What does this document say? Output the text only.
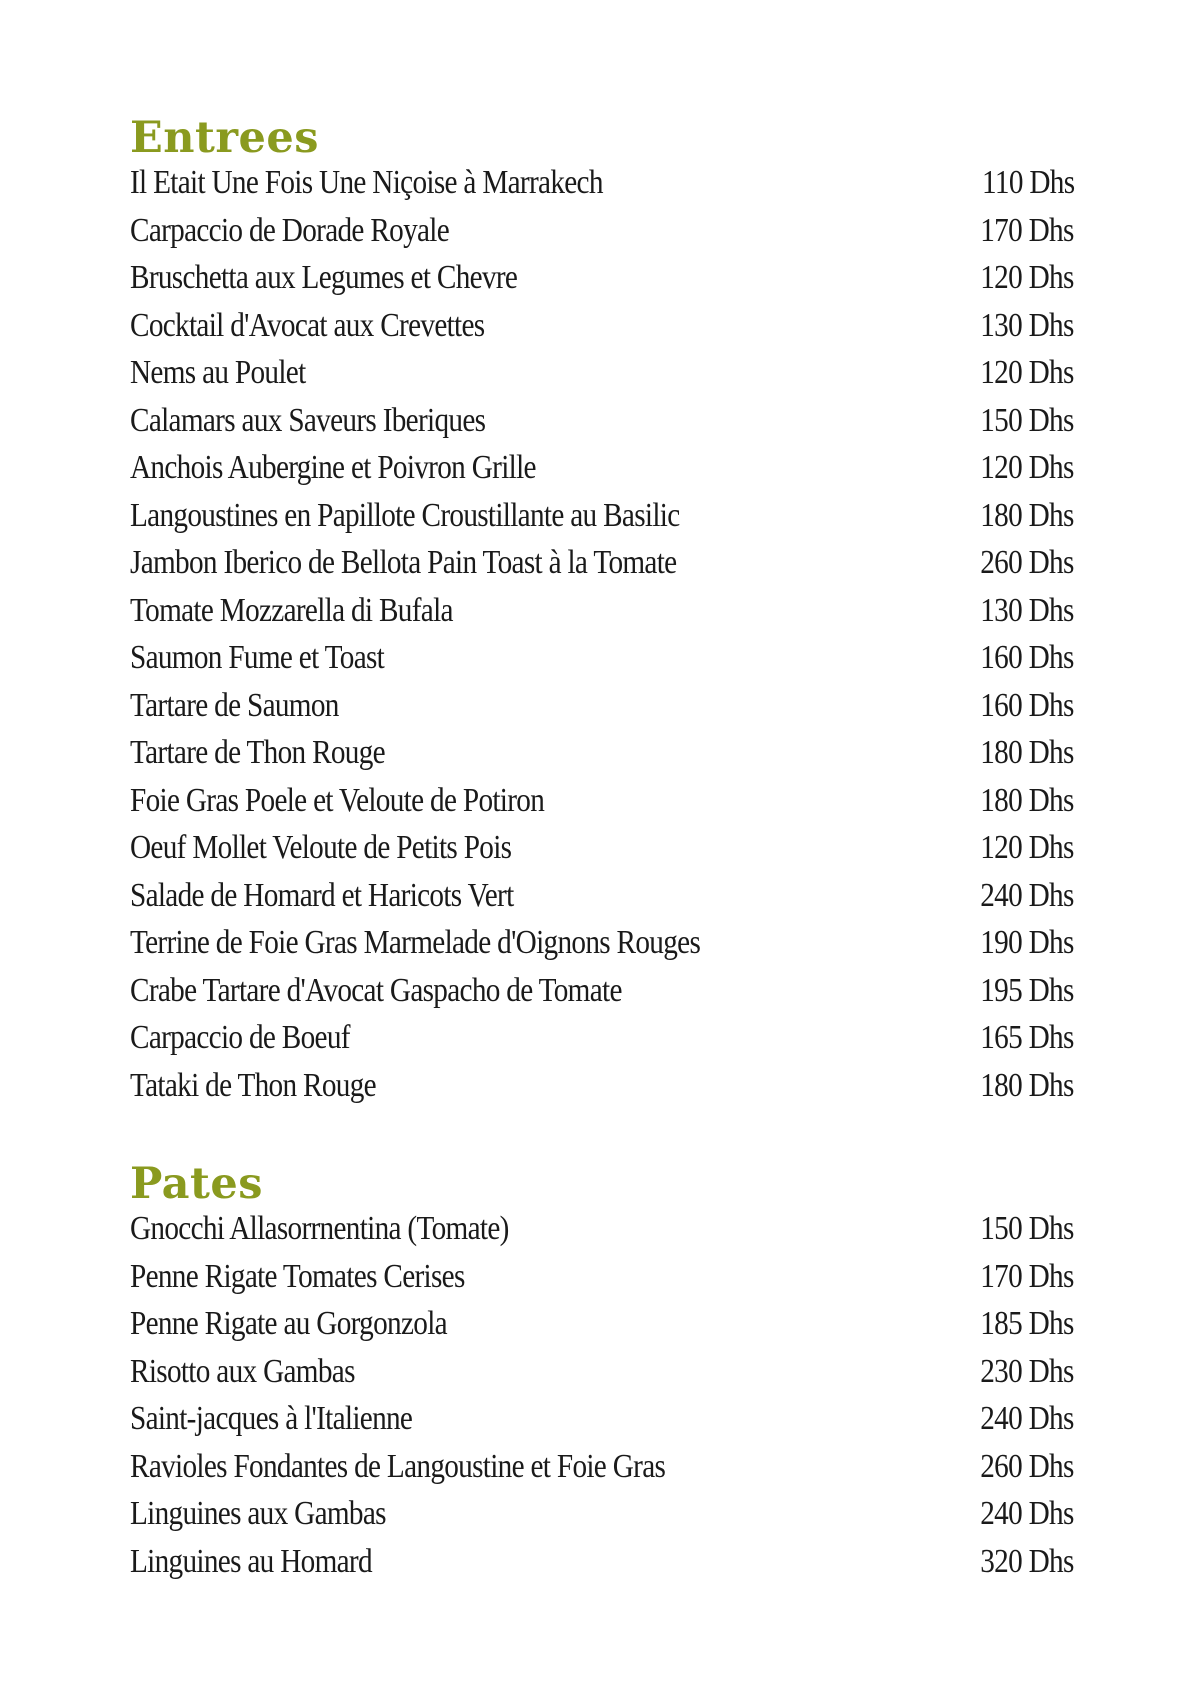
Entrees
Il Etait Une Fois Une Niçoise à Marrakech	110 Dhs
Carpaccio de Dorade Royale	170 Dhs
Bruschetta aux Legumes et Chevre	120 Dhs
Cocktail d'Avocat aux Crevettes	130 Dhs
Nems au Poulet	120 Dhs
Calamars aux Saveurs Iberiques	150 Dhs
Anchois Aubergine et Poivron Grille	120 Dhs
Langoustines en Papillote Croustillante au Basilic	180 Dhs
Jambon Iberico de Bellota Pain Toast à la Tomate	260 Dhs
Tomate Mozzarella di Bufala	130 Dhs
Saumon Fume et Toast	160 Dhs
Tartare de Saumon	160 Dhs
Tartare de Thon Rouge	180 Dhs
Foie Gras Poele et Veloute de Potiron	180 Dhs
Oeuf Mollet Veloute de Petits Pois	120 Dhs
Salade de Homard et Haricots Vert	240 Dhs
Terrine de Foie Gras Marmelade d'Oignons Rouges	190 Dhs
Crabe Tartare d'Avocat Gaspacho de Tomate	195 Dhs
Carpaccio de Boeuf	165 Dhs
Tataki de Thon Rouge	180 Dhs
Pates
Gnocchi Allasorrnentina (Tomate)	150 Dhs
Penne Rigate Tomates Cerises	170 Dhs
Penne Rigate au Gorgonzola	185 Dhs
Risotto aux Gambas	230 Dhs
Saint-jacques à l'Italienne	240 Dhs
Ravioles Fondantes de Langoustine et Foie Gras	260 Dhs
Linguines aux Gambas	240 Dhs
Linguines au Homard	320 Dhs
